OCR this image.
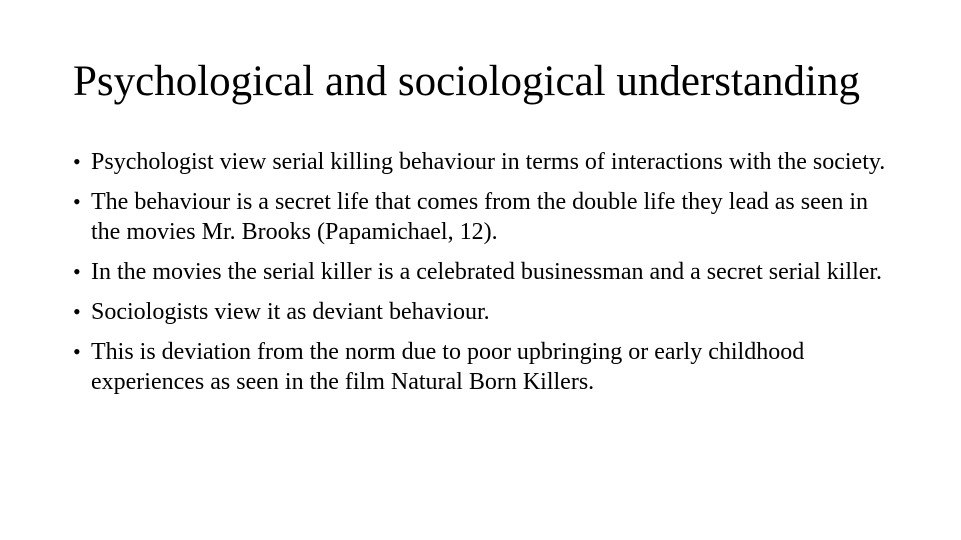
Psychological and sociological understanding
• Psychologist view serial killing behaviour in terms of interactions with the society.
• The behaviour is a secret life that comes from the double life they lead as seen in the movies Mr. Brooks (Papamichael, 12).
• In the movies the serial killer is a celebrated businessman and a secret serial killer.
• Sociologists view it as deviant behaviour.
• This is deviation from the norm due to poor upbringing or early childhood experiences as seen in the film Natural Born Killers.
